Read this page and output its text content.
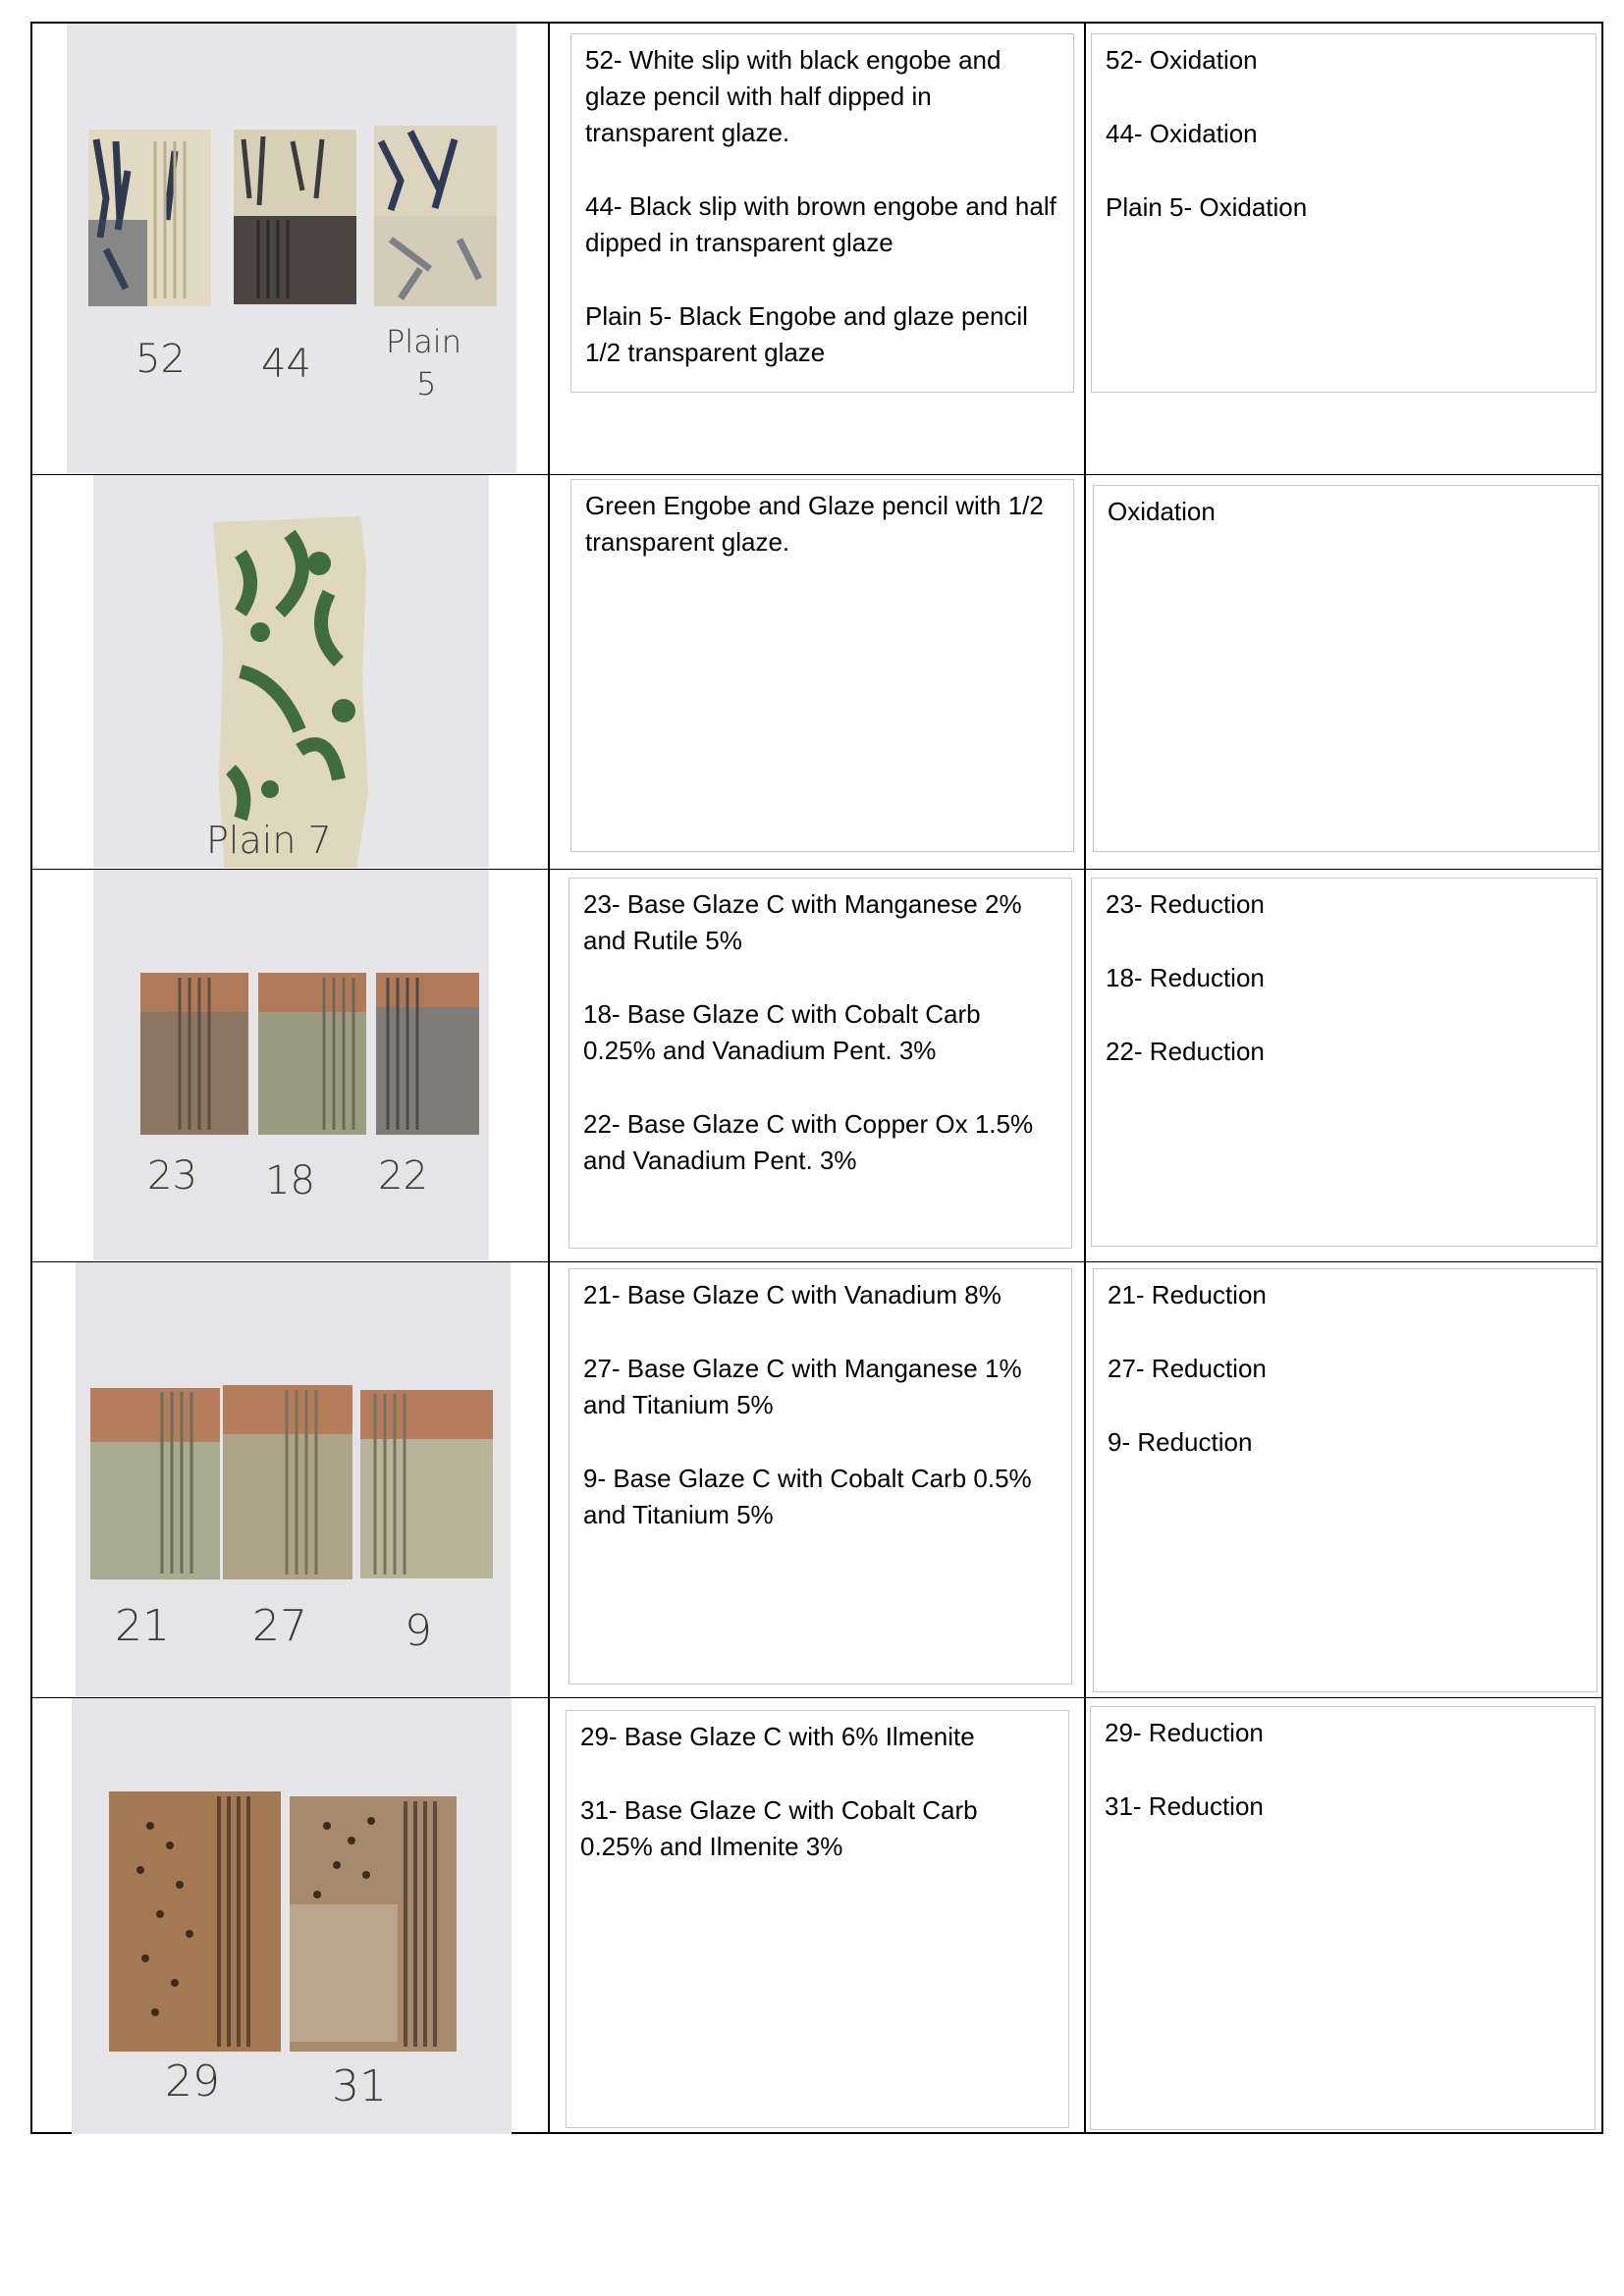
52 44 Plain
5

52- White slip with black engobe and glaze pencil with half dipped in transparent glaze.

44- Black slip with brown engobe and half dipped in transparent glaze

Plain 5- Black Engobe and glaze pencil 1/2 transparent glaze

52- Oxidation

44- Oxidation

Plain 5- Oxidation

Plain 7

Green Engobe and Glaze pencil with 1/2 transparent glaze.

Oxidation

23 18 22

23- Base Glaze C with Manganese 2% and Rutile 5%

18- Base Glaze C with Cobalt Carb 0.25% and Vanadium Pent. 3%

22- Base Glaze C with Copper Ox 1.5% and Vanadium Pent. 3%

23- Reduction

18- Reduction

22- Reduction

21 27 9

21- Base Glaze C with Vanadium 8%

27- Base Glaze C with Manganese 1% and Titanium 5%

9- Base Glaze C with Cobalt Carb 0.5% and Titanium 5%

21- Reduction

27- Reduction

9- Reduction

29	31

29- Base Glaze C with 6% Ilmenite

31- Base Glaze C with Cobalt Carb 0.25% and Ilmenite 3%

29- Reduction

31- Reduction
